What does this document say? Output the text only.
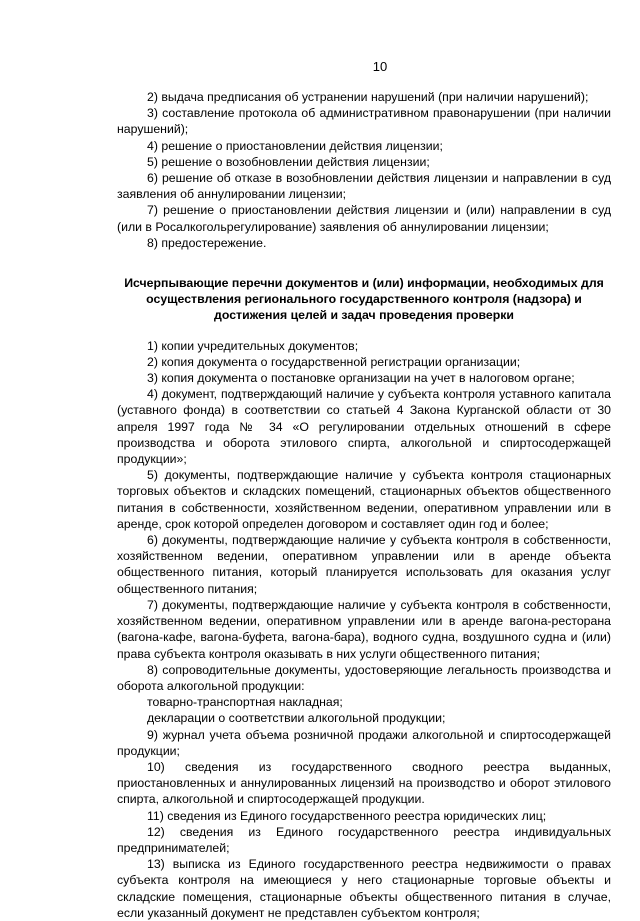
10

2) выдача предписания об устранении нарушений (при наличии нарушений);

3) составление протокола об административном правонарушении (при наличии нарушений);

4) решение о приостановлении действия лицензии;

5) решение о возобновлении действия лицензии;

6) решение об отказе в возобновлении действия лицензии и направлении в суд заявления об аннулировании лицензии;

7) решение о приостановлении действия лицензии и (или) направлении в суд (или в Росалкогольрегулирование) заявления об аннулировании лицензии;

8) предостережение.

Исчерпывающие перечни документов и (или) информации, необходимых для осуществления регионального государственного контроля (надзора) и достижения целей и задач проведения проверки

1) копии учредительных документов;

2) копия документа о государственной регистрации организации;

3) копия документа о постановке организации на учет в налоговом органе;

4) документ, подтверждающий наличие у субъекта контроля уставного капитала (уставного фонда) в соответствии со статьей 4 Закона Курганской области от 30 апреля 1997 года № 34 «О регулировании отдельных отношений в сфере производства и оборота этилового спирта, алкогольной и спиртосодержащей продукции»;

5) документы, подтверждающие наличие у субъекта контроля стационарных торговых объектов и складских помещений, стационарных объектов общественного питания в собственности, хозяйственном ведении, оперативном управлении или в аренде, срок которой определен договором и составляет один год и более;

6) документы, подтверждающие наличие у субъекта контроля в собственности, хозяйственном ведении, оперативном управлении или в аренде объекта общественного питания, который планируется использовать для оказания услуг общественного питания;

7) документы, подтверждающие наличие у субъекта контроля в собственности, хозяйственном ведении, оперативном управлении или в аренде вагона-ресторана (вагона-кафе, вагона-буфета, вагона-бара), водного судна, воздушного судна и (или) права субъекта контроля оказывать в них услуги общественного питания;

8) сопроводительные документы, удостоверяющие легальность производства и оборота алкогольной продукции:

товарно-транспортная накладная;

декларации о соответствии алкогольной продукции;

9) журнал учета объема розничной продажи алкогольной и спиртосодержащей продукции;

10) сведения из государственного сводного реестра выданных, приостановленных и аннулированных лицензий на производство и оборот этилового спирта, алкогольной и спиртосодержащей продукции.

11) сведения из Единого государственного реестра юридических лиц;

12) сведения из Единого государственного реестра индивидуальных предпринимателей;

13) выписка из Единого государственного реестра недвижимости о правах субъекта контроля на имеющиеся у него стационарные торговые объекты и складские помещения, стационарные объекты общественного питания в случае, если указанный документ не представлен субъектом контроля;
